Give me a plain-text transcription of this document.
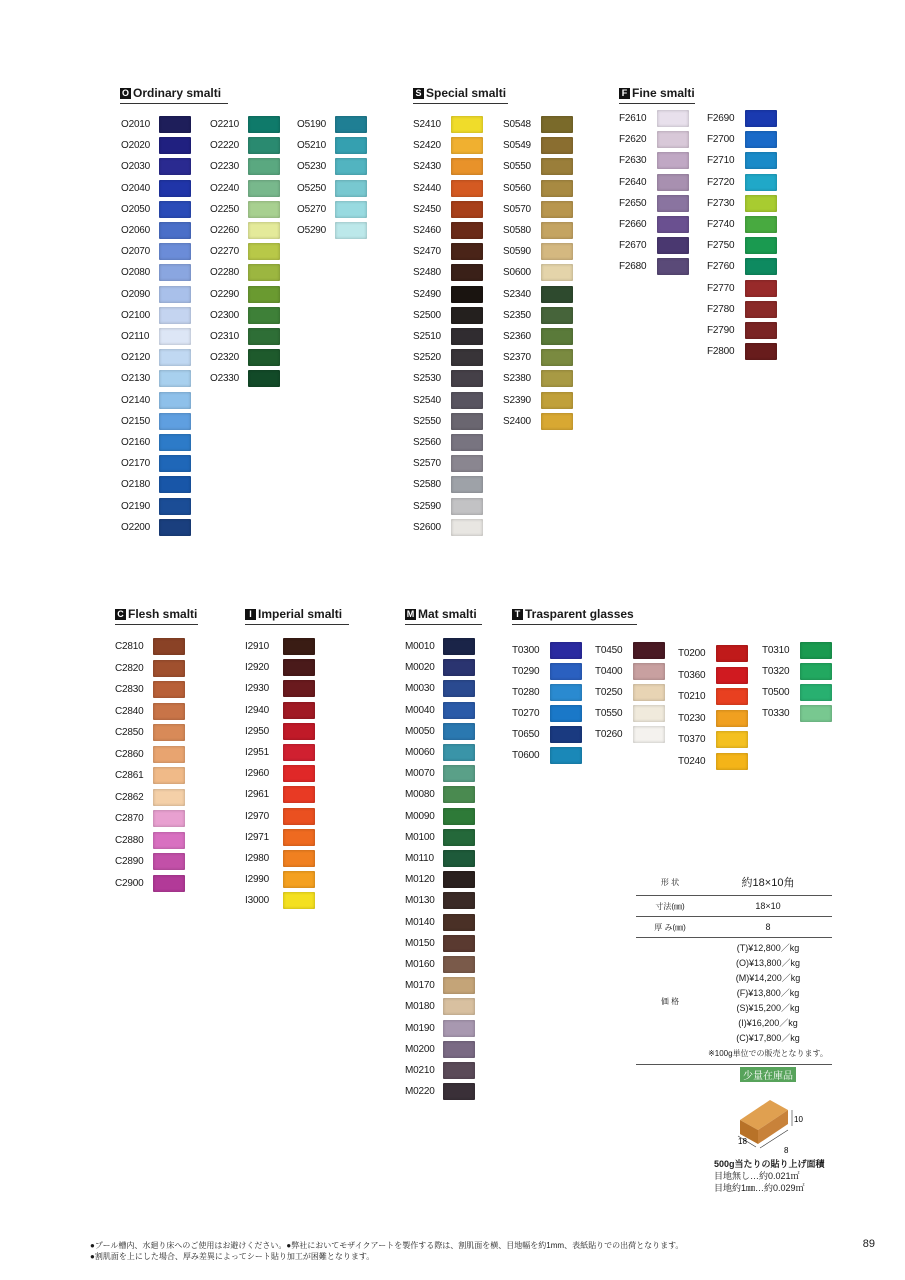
O Ordinary smalti	S Special smalti	F Fine smalti
C Flesh smalti	I Imperial smalti	M Mat smalti	T Trasparent glasses
O2010
O2020
O2030
O2040
O2050
O2060
O2070
O2080
O2090
O2100
O2110
O2120
O2130
O2140
O2150
O2160
O2170
O2180
O2190
O2200
O2210
O2220
O2230
O2240
O2250
O2260
O2270
O2280
O2290
O2300
O2310
O2320
O2330
O5190
O5210
O5230
O5250
O5270
O5290
S2410
S2420
S2430
S2440
S2450
S2460
S2470
S2480
S2490
S2500
S2510
S2520
S2530
S2540
S2550
S2560
S2570
S2580
S2590
S2600
S0548
S0549
S0550
S0560
S0570
S0580
S0590
S0600
S2340
S2350
S2360
S2370
S2380
S2390
S2400
F2610
F2620
F2630
F2640
F2650
F2660
F2670
F2680
F2690
F2700
F2710
F2720
F2730
F2740
F2750
F2760
F2770
F2780
F2790
F2800
C2810
C2820
C2830
C2840
C2850
C2860
C2861
C2862
C2870
C2880
C2890
C2900
I2910
I2920
I2930
I2940
I2950
I2951
I2960
I2961
I2970
I2971
I2980
I2990
I3000
M0010
M0020
M0030
M0040
M0050
M0060
M0070
M0080
M0090
M0100
M0110
M0120
M0130
M0140
M0150
M0160
M0170
M0180
M0190
M0200
M0210
M0220
T0300
T0290
T0280
T0270
T0650
T0600
T0450
T0400
T0250
T0550
T0260
T0200
T0360
T0210
T0230
T0370
T0240
T0310
T0320
T0500
T0330
形 状	約18×10角
寸法(㎜)	18×10
厚 み(㎜)	8
価 格
(T)¥12,800／kg
(O)¥13,800／kg
(M)¥14,200／kg
(F)¥13,800／kg
(S)¥15,200／kg
(I)¥16,200／kg
(C)¥17,800／kg
※100g単位での販売となります。
少量在庫品
10
18
8
500g当たりの貼り上げ面積
目地無し…約0.021㎡
目地約1㎜…約0.029㎡
●プール槽内、水廻り床へのご使用はお避けください。●弊社においてモザイクアートを製作する際は、割肌面を横、目地幅を約1mm、表紙貼りでの出荷となります。
●割肌面を上にした場合、厚み差異によってシート貼り加工が困難となります。
89
